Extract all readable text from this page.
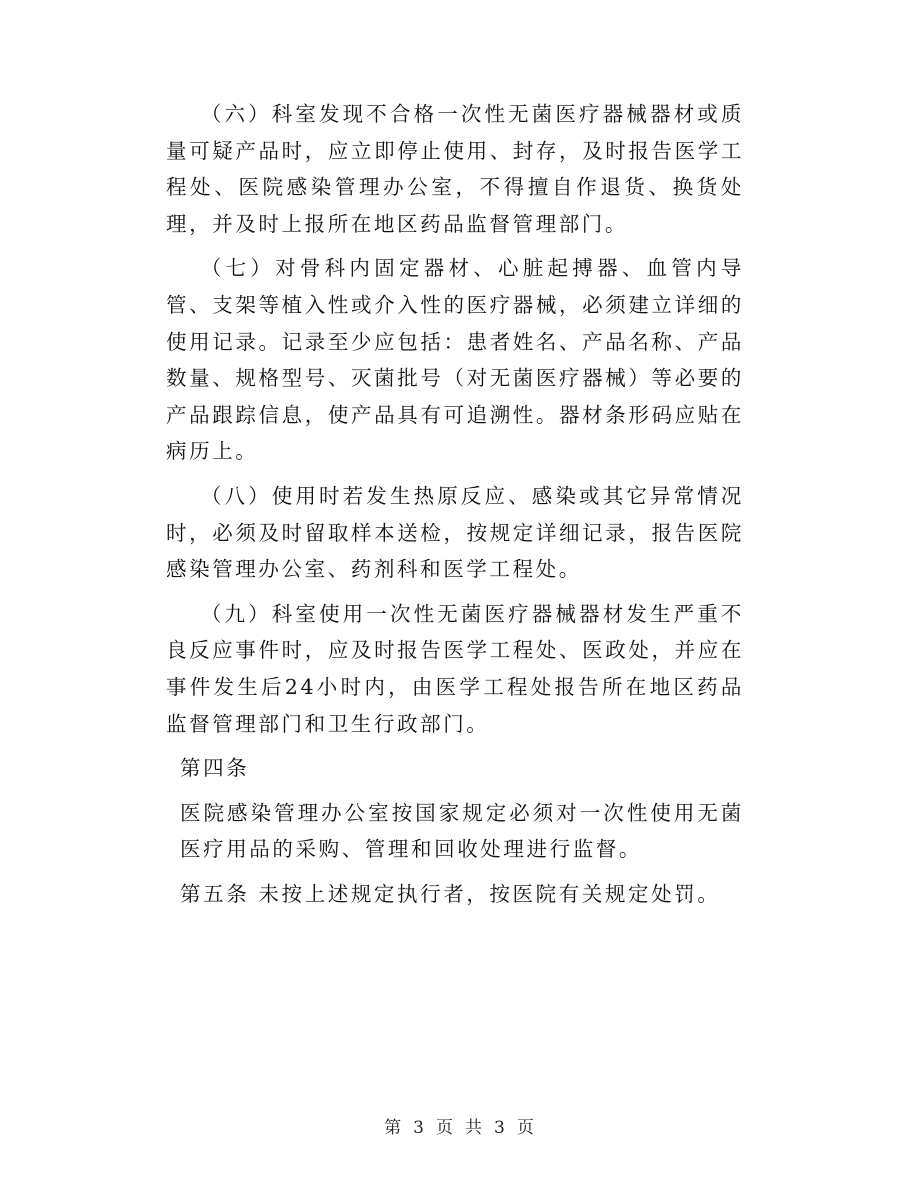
（六）科室发现不合格一次性无菌医疗器械器材或质量可疑产品时，应立即停止使用、封存，及时报告医学工程处、医院感染管理办公室，不得擅自作退货、换货处理，并及时上报所在地区药品监督管理部门。

（七）对骨科内固定器材、心脏起搏器、血管内导管、支架等植入性或介入性的医疗器械，必须建立详细的使用记录。记录至少应包括：患者姓名、产品名称、产品数量、规格型号、灭菌批号（对无菌医疗器械）等必要的产品跟踪信息，使产品具有可追溯性。器材条形码应贴在病历上。

（八）使用时若发生热原反应、感染或其它异常情况时，必须及时留取样本送检，按规定详细记录，报告医院感染管理办公室、药剂科和医学工程处。

（九）科室使用一次性无菌医疗器械器材发生严重不良反应事件时，应及时报告医学工程处、医政处，并应在事件发生后24小时内，由医学工程处报告所在地区药品监督管理部门和卫生行政部门。

第四条

医院感染管理办公室按国家规定必须对一次性使用无菌医疗用品的采购、管理和回收处理进行监督。

第五条 未按上述规定执行者，按医院有关规定处罚。

第 3 页 共 3 页
